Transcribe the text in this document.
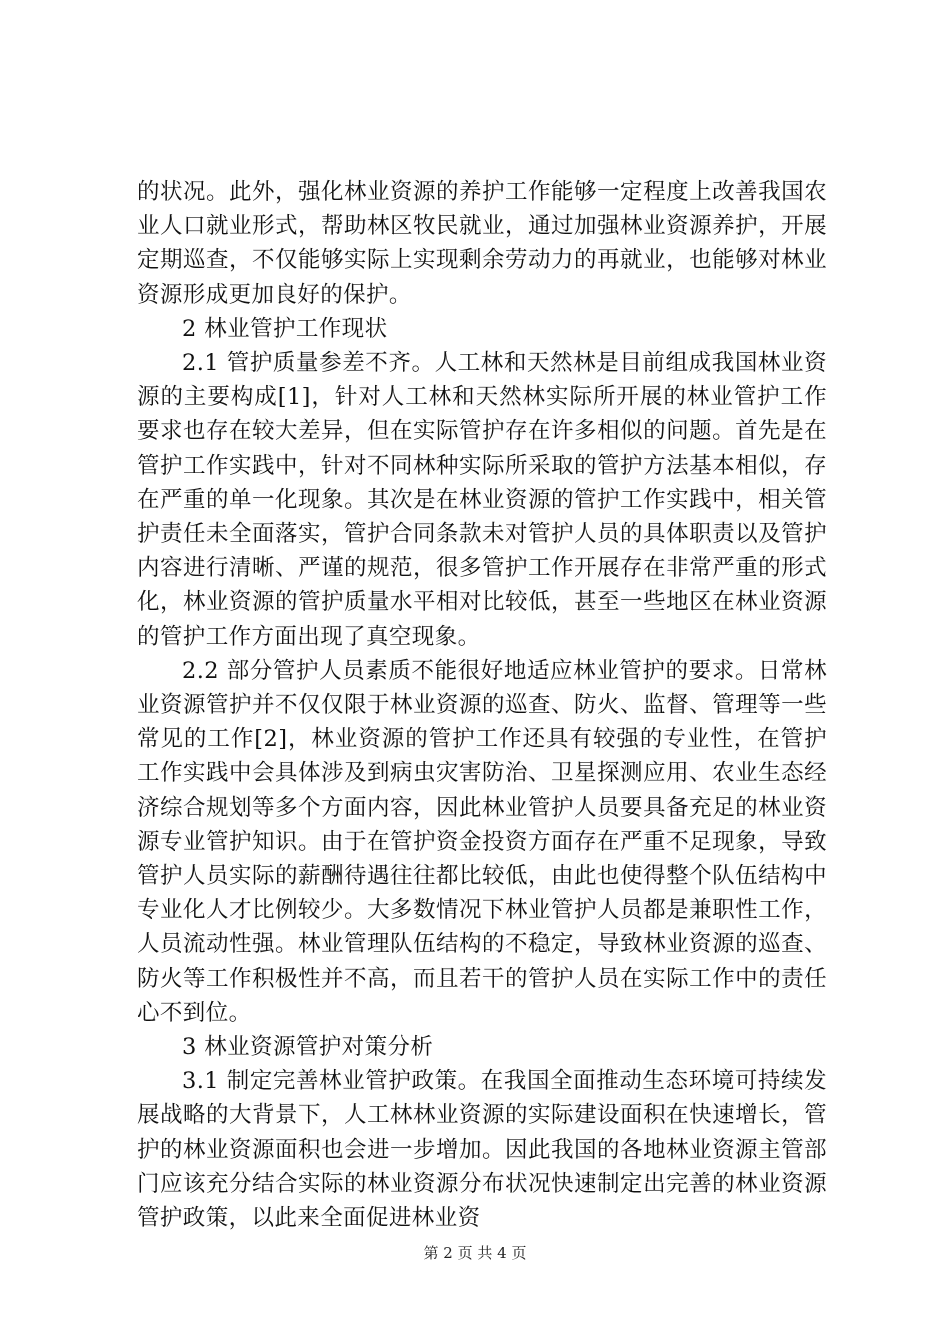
的状况。此外，强化林业资源的养护工作能够一定程度上改善我国农业人口就业形式，帮助林区牧民就业，通过加强林业资源养护，开展定期巡查，不仅能够实际上实现剩余劳动力的再就业，也能够对林业资源形成更加良好的保护。

2 林业管护工作现状

2.1 管护质量参差不齐。人工林和天然林是目前组成我国林业资源的主要构成[1]，针对人工林和天然林实际所开展的林业管护工作要求也存在较大差异，但在实际管护存在许多相似的问题。首先是在管护工作实践中，针对不同林种实际所采取的管护方法基本相似，存在严重的单一化现象。其次是在林业资源的管护工作实践中，相关管护责任未全面落实，管护合同条款未对管护人员的具体职责以及管护内容进行清晰、严谨的规范，很多管护工作开展存在非常严重的形式化，林业资源的管护质量水平相对比较低，甚至一些地区在林业资源的管护工作方面出现了真空现象。

2.2 部分管护人员素质不能很好地适应林业管护的要求。日常林业资源管护并不仅仅限于林业资源的巡查、防火、监督、管理等一些常见的工作[2]，林业资源的管护工作还具有较强的专业性，在管护工作实践中会具体涉及到病虫灾害防治、卫星探测应用、农业生态经济综合规划等多个方面内容，因此林业管护人员要具备充足的林业资源专业管护知识。由于在管护资金投资方面存在严重不足现象，导致管护人员实际的薪酬待遇往往都比较低，由此也使得整个队伍结构中专业化人才比例较少。大多数情况下林业管护人员都是兼职性工作，人员流动性强。林业管理队伍结构的不稳定，导致林业资源的巡查、防火等工作积极性并不高，而且若干的管护人员在实际工作中的责任心不到位。

3 林业资源管护对策分析

3.1 制定完善林业管护政策。在我国全面推动生态环境可持续发展战略的大背景下，人工林林业资源的实际建设面积在快速增长，管护的林业资源面积也会进一步增加。因此我国的各地林业资源主管部门应该充分结合实际的林业资源分布状况快速制定出完善的林业资源管护政策，以此来全面促进林业资

第 2 页 共 4 页
